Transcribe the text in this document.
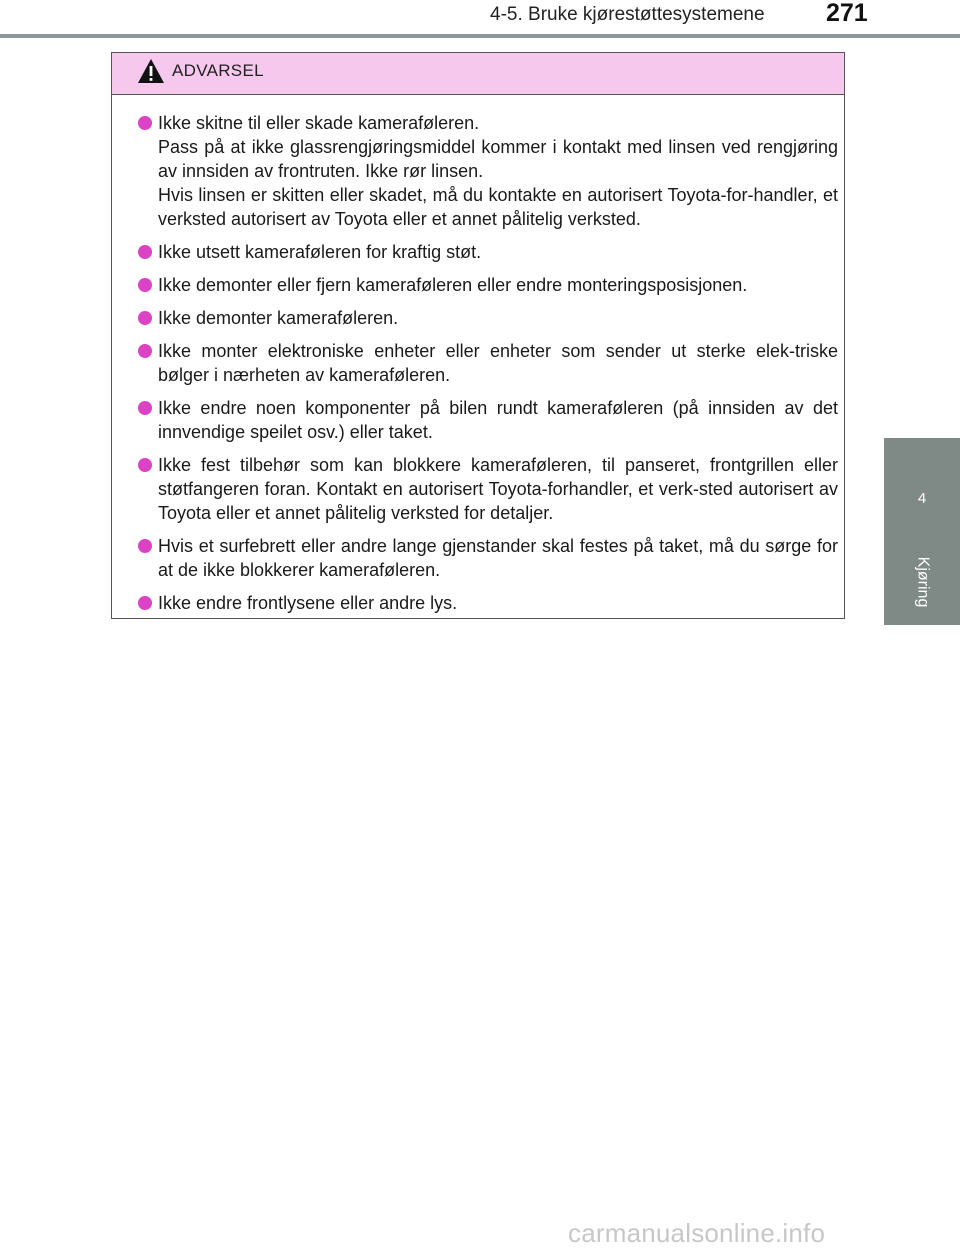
4-5. Bruke kjørestøttesystemene 271
4
Kjøring
ADVARSEL
Ikke skitne til eller skade kameraføleren.
Pass på at ikke glassrengjøringsmiddel kommer i kontakt med linsen ved rengjøring av innsiden av frontruten. Ikke rør linsen.
Hvis linsen er skitten eller skadet, må du kontakte en autorisert Toyota-for-handler, et verksted autorisert av Toyota eller et annet pålitelig verksted.
Ikke utsett kameraføleren for kraftig støt.
Ikke demonter eller fjern kameraføleren eller endre monteringsposisjonen.
Ikke demonter kameraføleren.
Ikke monter elektroniske enheter eller enheter som sender ut sterke elek-triske bølger i nærheten av kameraføleren.
Ikke endre noen komponenter på bilen rundt kameraføleren (på innsiden av det innvendige speilet osv.) eller taket.
Ikke fest tilbehør som kan blokkere kameraføleren, til panseret, frontgrillen eller støtfangeren foran. Kontakt en autorisert Toyota-forhandler, et verk-sted autorisert av Toyota eller et annet pålitelig verksted for detaljer.
Hvis et surfebrett eller andre lange gjenstander skal festes på taket, må du sørge for at de ikke blokkerer kameraføleren.
Ikke endre frontlysene eller andre lys.
carmanualsonline.info
